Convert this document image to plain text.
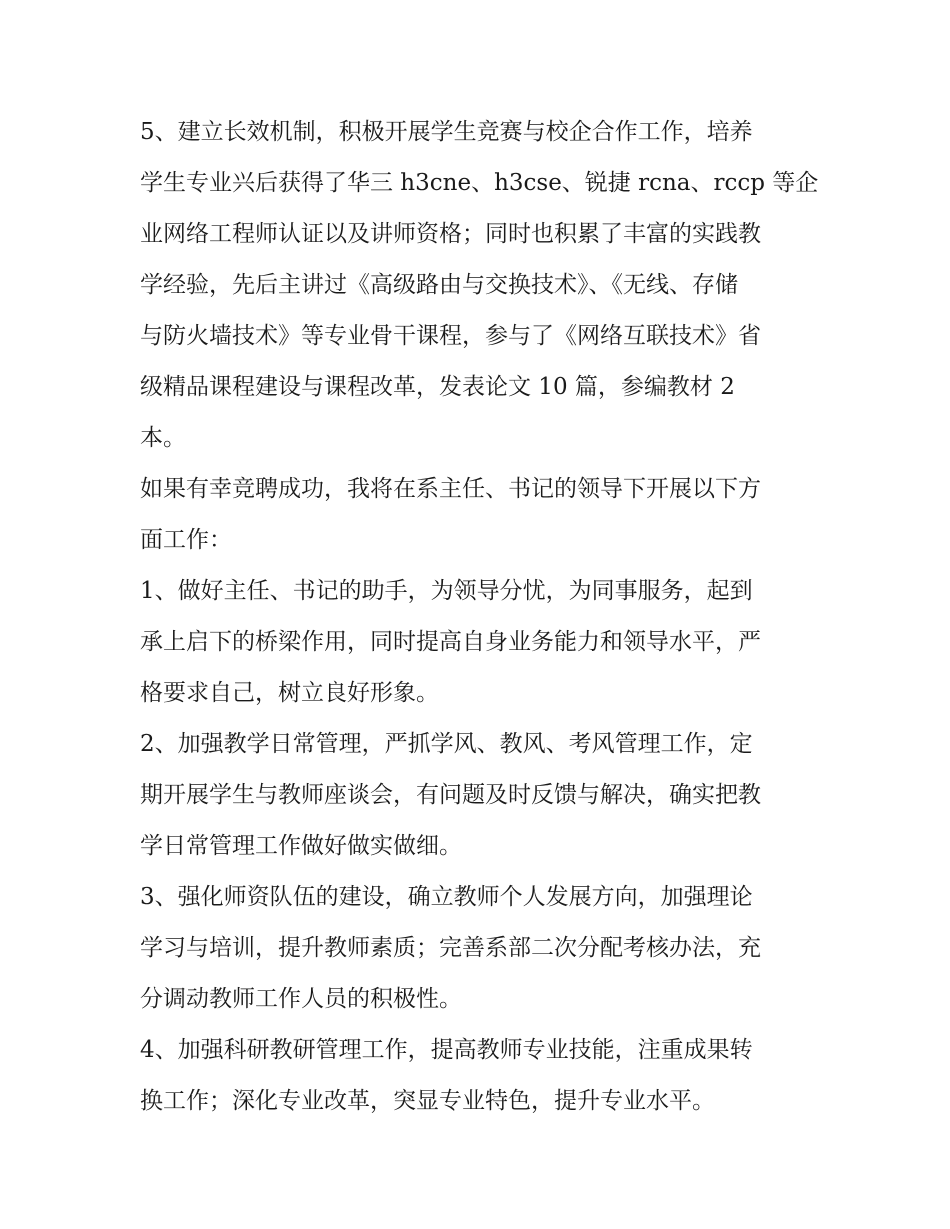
5、建立长效机制，积极开展学生竞赛与校企合作工作，培养
学生专业兴后获得了华三 h3cne、h3cse、锐捷 rcna、rccp 等企
业网络工程师认证以及讲师资格；同时也积累了丰富的实践教
学经验，先后主讲过《高级路由与交换技术》、《无线、存储
与防火墙技术》等专业骨干课程，参与了《网络互联技术》省
级精品课程建设与课程改革，发表论文 10 篇，参编教材 2
本。
如果有幸竞聘成功，我将在系主任、书记的领导下开展以下方
面工作：
1、做好主任、书记的助手，为领导分忧，为同事服务，起到
承上启下的桥梁作用，同时提高自身业务能力和领导水平，严
格要求自己，树立良好形象。
2、加强教学日常管理，严抓学风、教风、考风管理工作，定
期开展学生与教师座谈会，有问题及时反馈与解决，确实把教
学日常管理工作做好做实做细。
3、强化师资队伍的建设，确立教师个人发展方向，加强理论
学习与培训，提升教师素质；完善系部二次分配考核办法，充
分调动教师工作人员的积极性。
4、加强科研教研管理工作，提高教师专业技能，注重成果转
换工作；深化专业改革，突显专业特色，提升专业水平。
